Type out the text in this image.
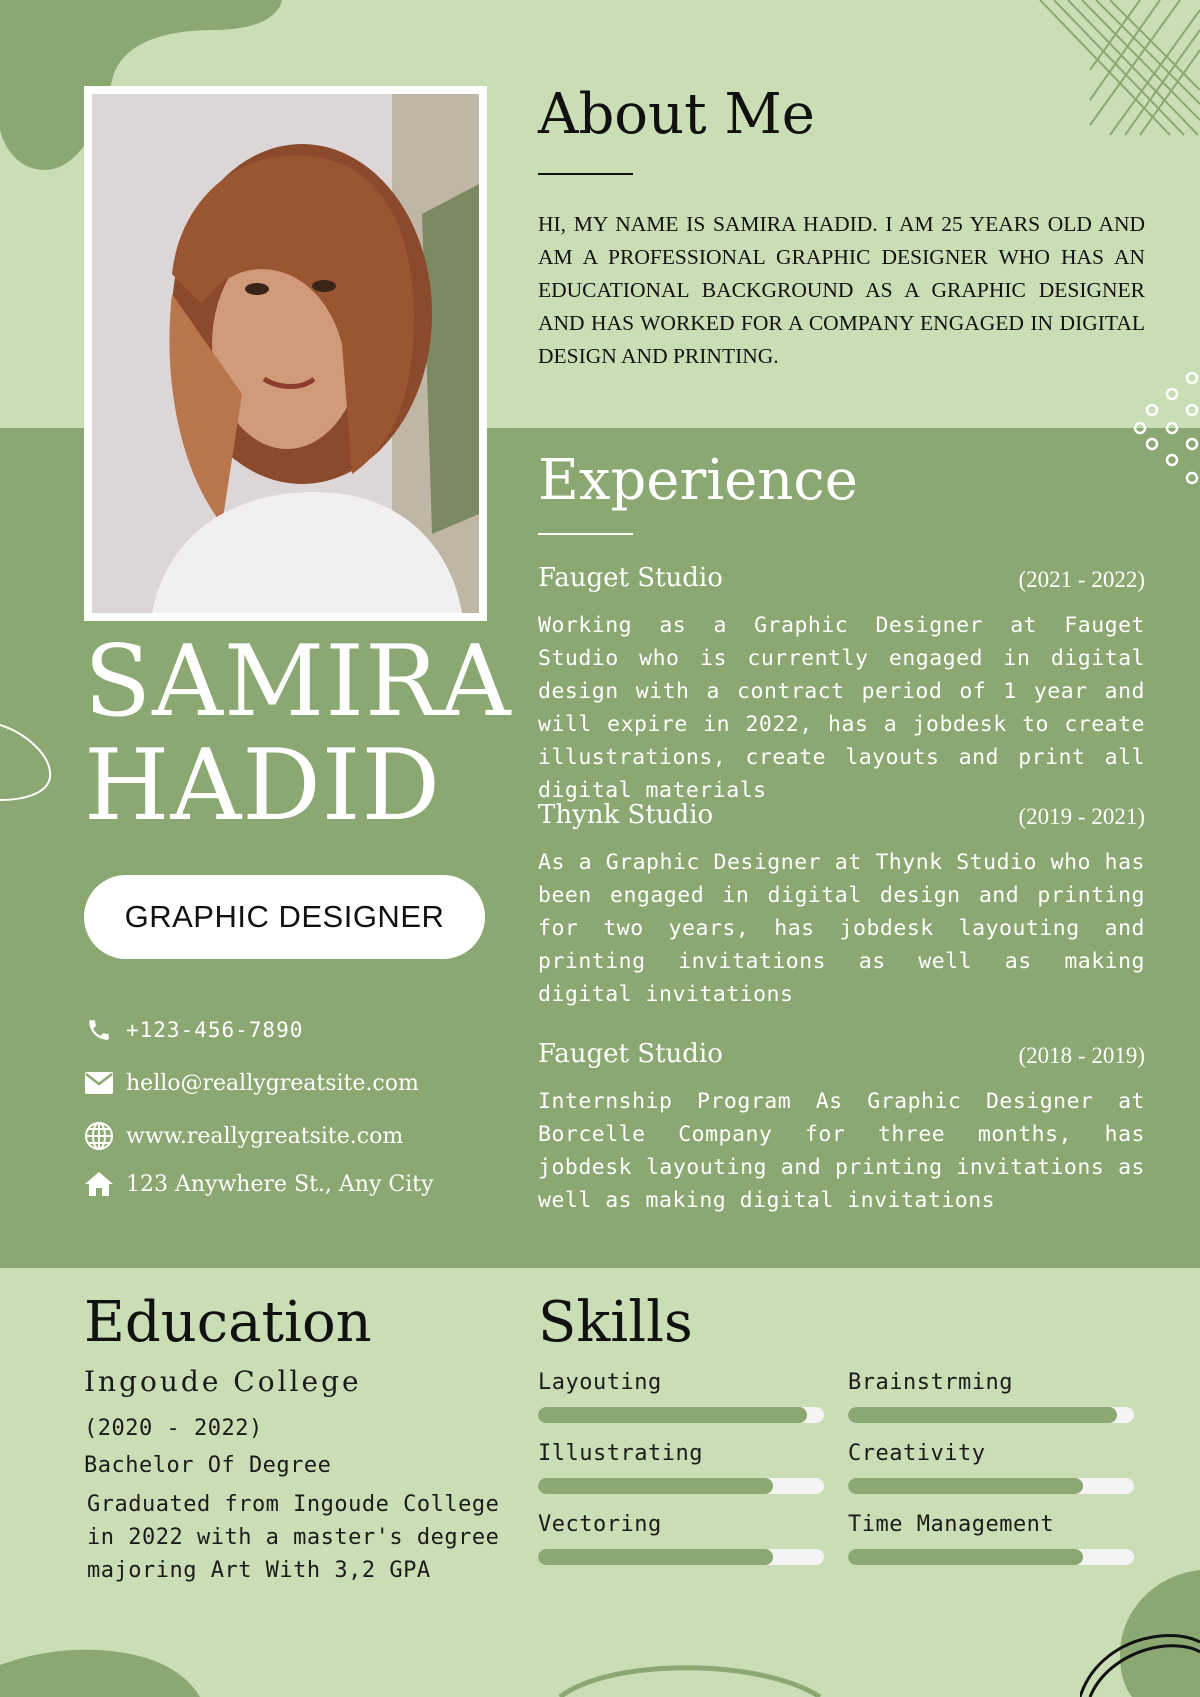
SAMIRA
HADID
GRAPHIC DESIGNER
+123-456-7890
hello@reallygreatsite.com
www.reallygreatsite.com
123 Anywhere St., Any City
About Me
HI, MY NAME IS SAMIRA HADID. I AM 25 YEARS OLD AND AM A PROFESSIONAL GRAPHIC DESIGNER WHO HAS AN EDUCATIONAL BACKGROUND AS A GRAPHIC DESIGNER AND HAS WORKED FOR A COMPANY ENGAGED IN DIGITAL DESIGN AND PRINTING.
Experience
Fauget Studio	(2021 - 2022)
Working as a Graphic Designer at Fauget Studio who is currently engaged in digital design with a contract period of 1 year and will expire in 2022, has a jobdesk to create illustrations, create layouts and print all digital materials
Thynk Studio	(2019 - 2021)
As a Graphic Designer at Thynk Studio who has been engaged in digital design and printing for two years, has jobdesk layouting and printing invitations as well as making digital invitations
Fauget Studio	(2018 - 2019)
Internship Program As Graphic Designer at Borcelle Company for three months, has jobdesk layouting and printing invitations as well as making digital invitations
Education
Ingoude College
(2020 - 2022)
Bachelor Of Degree
Graduated from Ingoude College in 2022 with a master's degree majoring Art With 3,2 GPA
Skills
Layouting	Brainstrming
Illustrating	Creativity
Vectoring	Time Management
